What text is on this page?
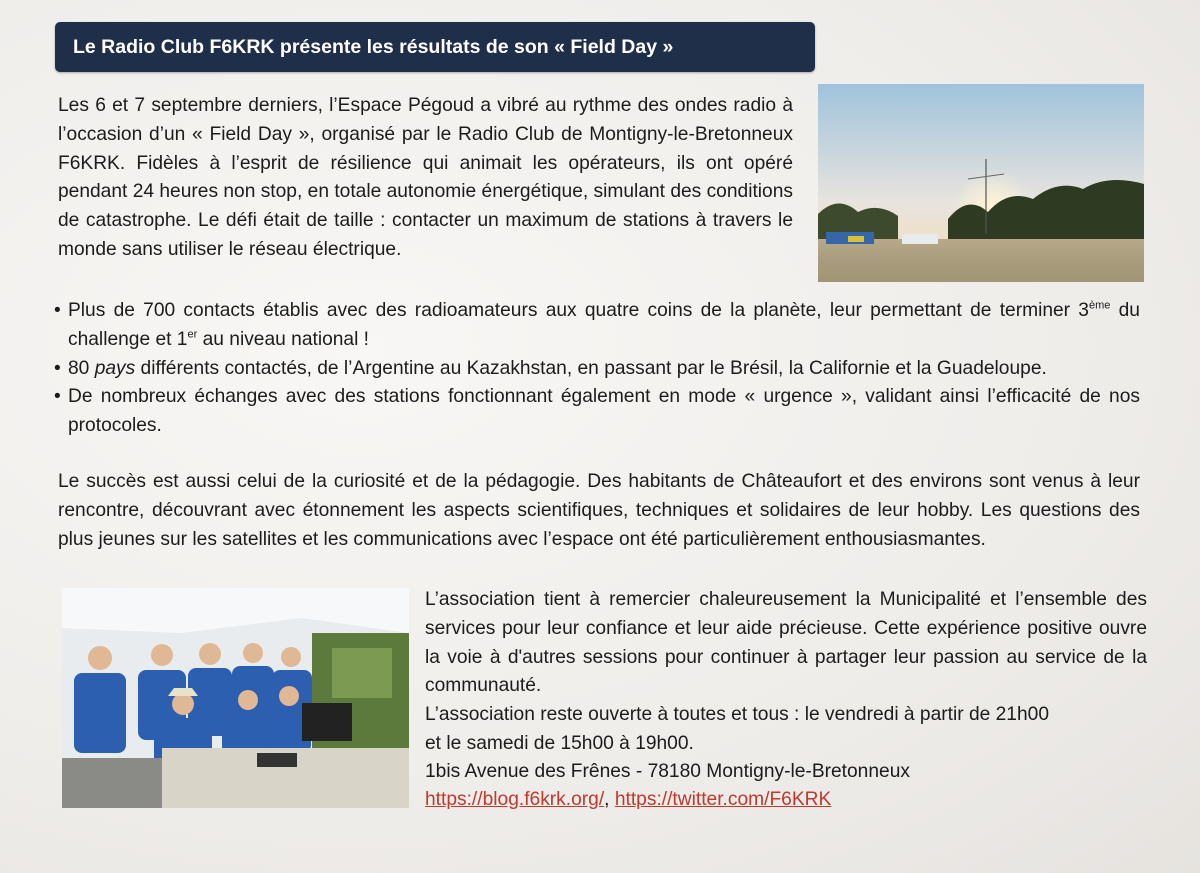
Le Radio Club F6KRK présente les résultats de son « Field Day »

Les 6 et 7 septembre derniers, l’Espace Pégoud a vibré au rythme des ondes radio à l’occasion d’un « Field Day », organisé par le Radio Club de Montigny-le-Bretonneux F6KRK. Fidèles à l’esprit de résilience qui animait les opérateurs, ils ont opéré pendant 24 heures non stop, en totale autonomie énergétique, simulant des conditions de catastrophe. Le défi était de taille : contacter un maximum de stations à travers le monde sans utiliser le réseau électrique.

• Plus de 700 contacts établis avec des radioamateurs aux quatre coins de la planète, leur permettant de terminer 3ème du challenge et 1er au niveau national !
• 80 pays différents contactés, de l’Argentine au Kazakhstan, en passant par le Brésil, la Californie et la Guadeloupe.
• De nombreux échanges avec des stations fonctionnant également en mode « urgence », validant ainsi l’efficacité de nos protocoles.

Le succès est aussi celui de la curiosité et de la pédagogie. Des habitants de Châteaufort et des environs sont venus à leur rencontre, découvrant avec étonnement les aspects scientifiques, techniques et solidaires de leur hobby. Les questions des plus jeunes sur les satellites et les communications avec l’espace ont été particulièrement enthousiasmantes.

L’association tient à remercier chaleureusement la Municipalité et l’ensemble des services pour leur confiance et leur aide précieuse. Cette expérience positive ouvre la voie à d'autres sessions pour continuer à partager leur passion au service de la communauté.

L’association reste ouverte à toutes et tous : le vendredi à partir de 21h00
et le samedi de 15h00 à 19h00.
1bis Avenue des Frênes - 78180 Montigny-le-Bretonneux
https://blog.f6krk.org/, https://twitter.com/F6KRK
